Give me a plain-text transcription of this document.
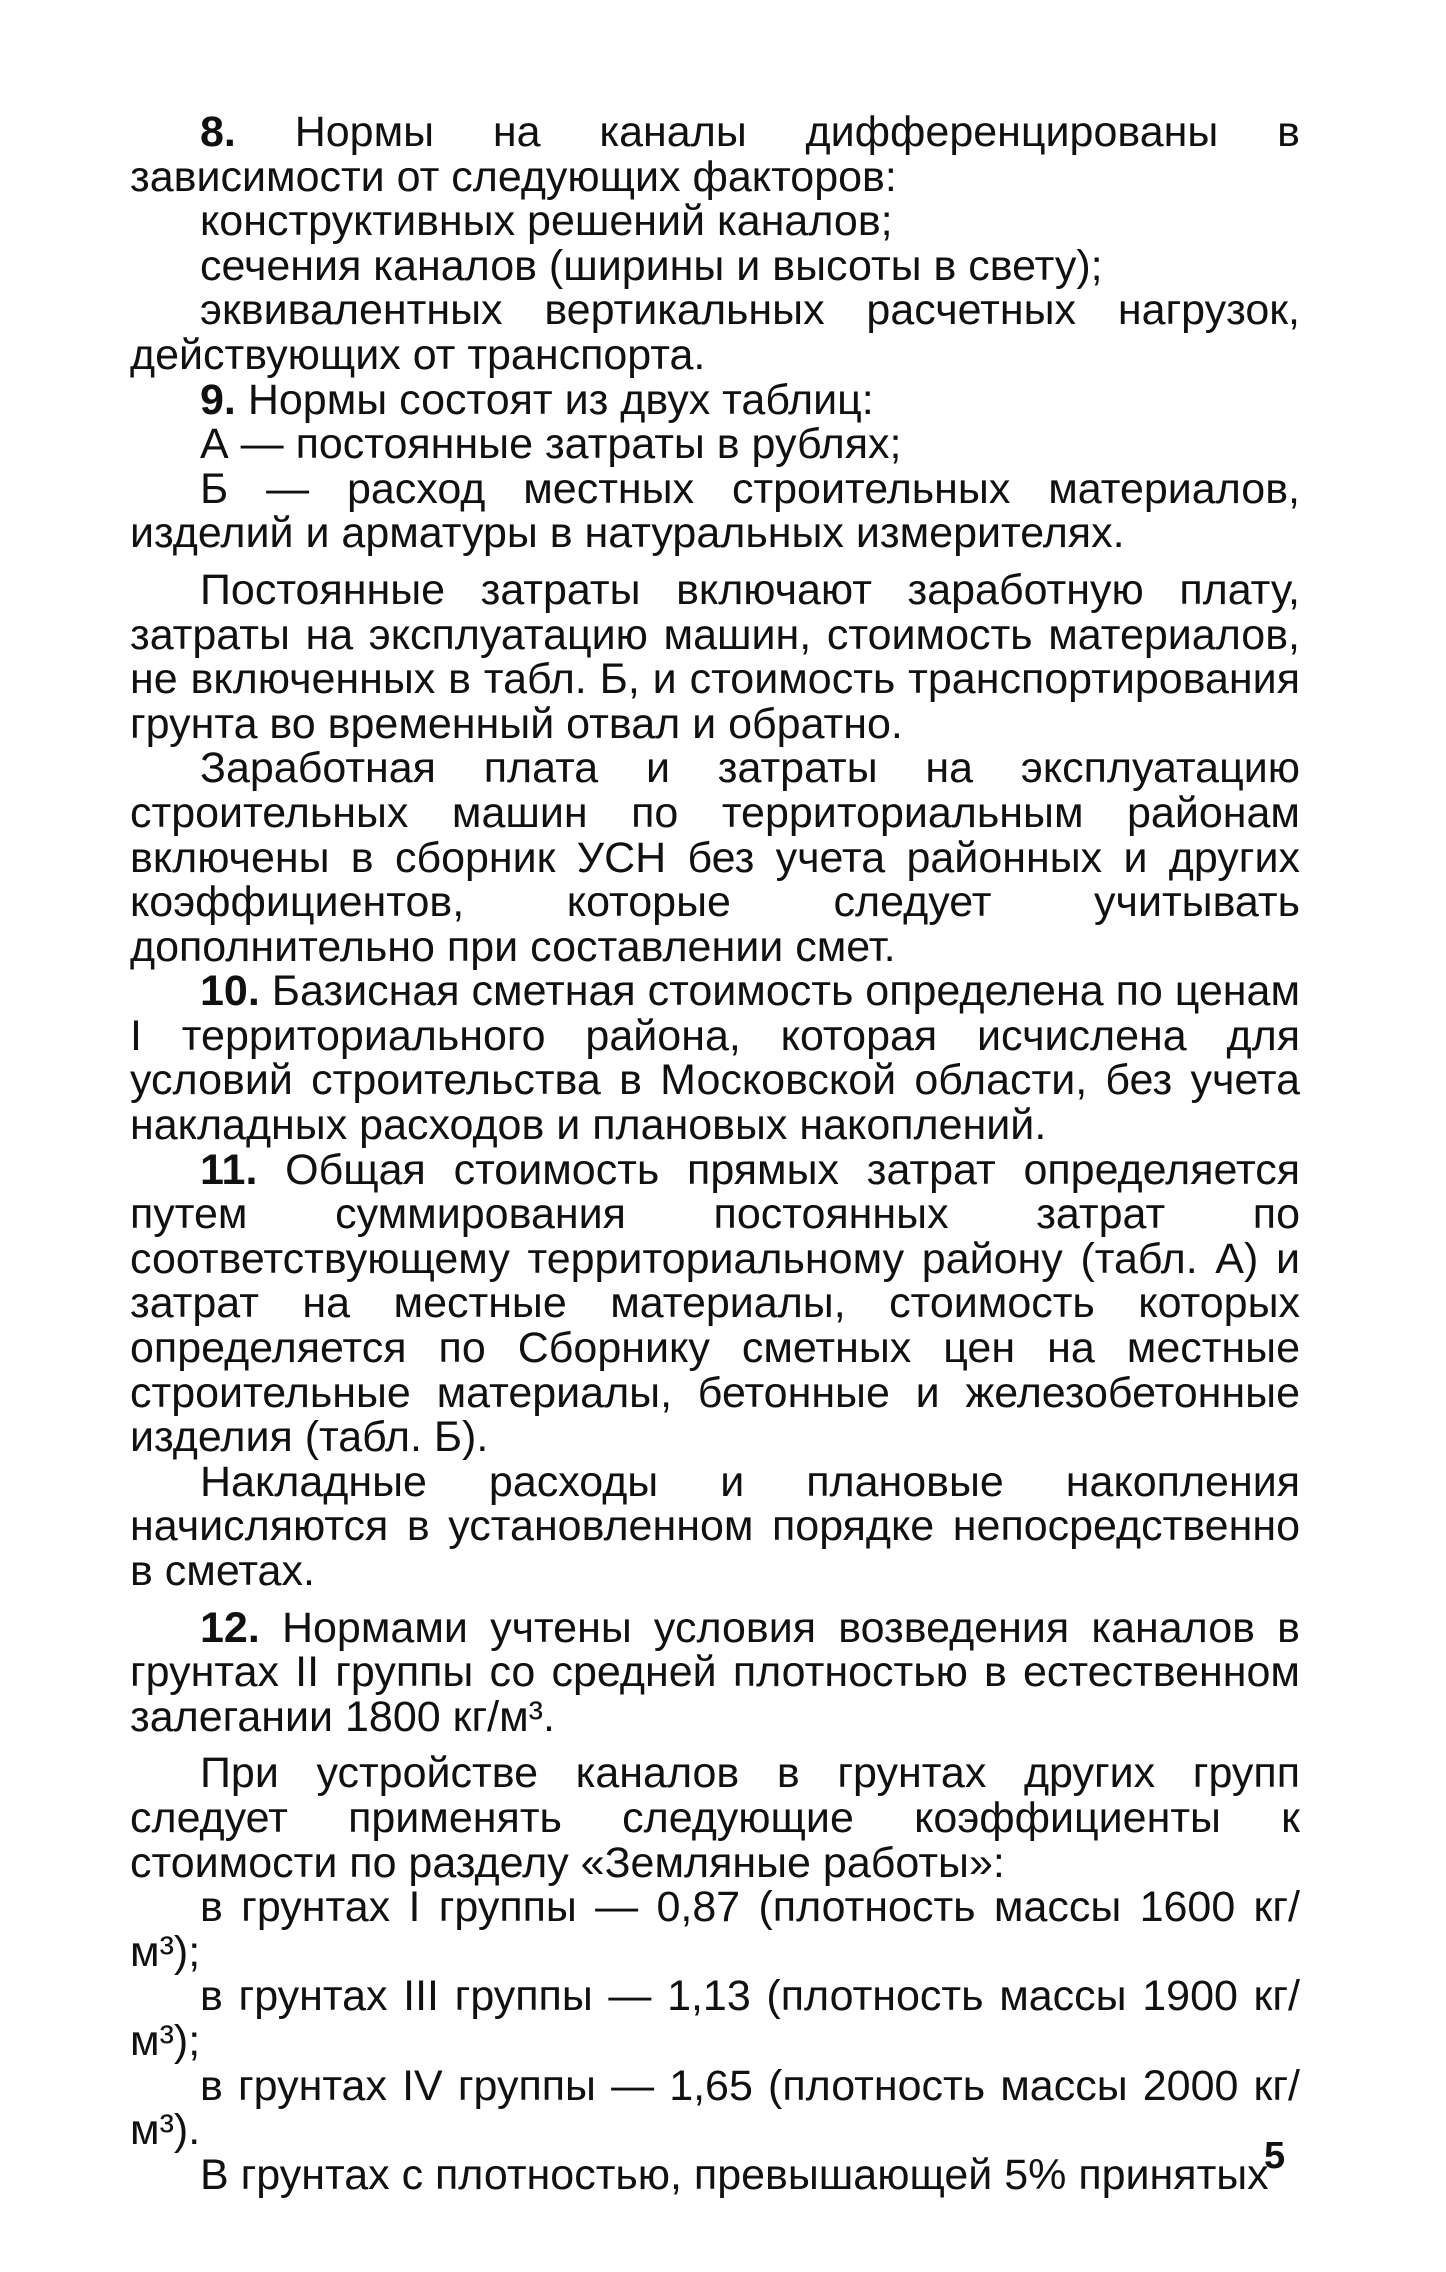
8. Нормы на каналы дифференцированы в зависимости от следующих факторов:

конструктивных решений каналов;

сечения каналов (ширины и высоты в свету);

эквивалентных вертикальных расчетных нагрузок, действующих от транспорта.

9. Нормы состоят из двух таблиц:

А — постоянные затраты в рублях;

Б — расход местных строительных материалов, изделий и арматуры в натуральных измерителях.

Постоянные затраты включают заработную плату, затраты на эксплуатацию машин, стоимость материалов, не включенных в табл. Б, и стоимость транспортирования грунта во временный отвал и обратно.

Заработная плата и затраты на эксплуатацию строительных машин по территориальным районам включены в сборник УСН без учета районных и других коэффициентов, которые следует учитывать дополнительно при составлении смет.

10. Базисная сметная стоимость определена по ценам I территориального района, которая исчислена для условий строительства в Московской области, без учета накладных расходов и плановых накоплений.

11. Общая стоимость прямых затрат определяется путем суммирования постоянных затрат по соответствующему территориальному району (табл. А) и затрат на местные материалы, стоимость которых определяется по Сборнику сметных цен на местные строительные материалы, бетонные и железобетонные изделия (табл. Б).

Накладные расходы и плановые накопления начисляются в установленном порядке непосредственно в сметах.

12. Нормами учтены условия возведения каналов в грунтах II группы со средней плотностью в естественном залегании 1800 кг/м³.

При устройстве каналов в грунтах других групп следует применять следующие коэффициенты к стоимости по разделу «Земляные работы»:

в грунтах I группы — 0,87 (плотность массы 1600 кг/м³);

в грунтах III группы — 1,13 (плотность массы 1900 кг/м³);

в грунтах IV группы — 1,65 (плотность массы 2000 кг/м³).

В грунтах с плотностью, превышающей 5% принятых

5
